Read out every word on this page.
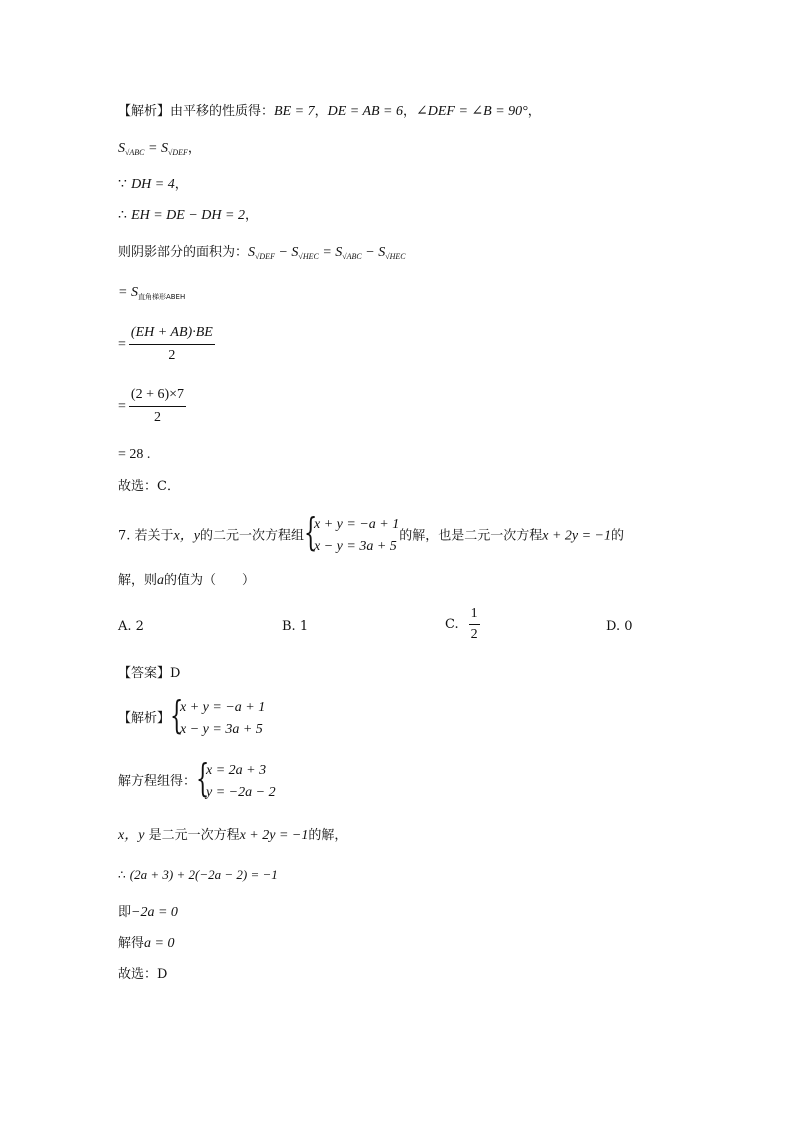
【解析】由平移的性质得：BE = 7，DE = AB = 6，∠DEF = ∠B = 90°，
$S_{√ABC} = S_{√DEF}$，
∵ DH = 4，
∴ EH = DE − DH = 2，
则阴影部分的面积为：$S_{√DEF} - S_{√HEC} = S_{√ABC} - S_{√HEC}$
= $S_{直角梯形ABEH}$
= $\frac{(EH + AB)\cdot BE}{2}$
= $\frac{(2 + 6)\times 7}{2}$
= 28 .
故选：C．
7. 若关于x，y的二元一次方程组 {
x + y = −a + 1
x − y = 3a + 5
的解，也是二元一次方程x + 2y = −1的
解，则a的值为（　　）
A. 2	B. 1	C. $\frac{1}{2}$	D. 0
【答案】D
【解析】 {
x + y = −a + 1
x − y = 3a + 5
解方程组得： {
x = 2a + 3
y = −2a − 2
x，y 是二元一次方程x + 2y = −1的解，
∴ (2a + 3) + 2(−2a − 2) = −1
即−2a = 0
解得a = 0
故选：D
